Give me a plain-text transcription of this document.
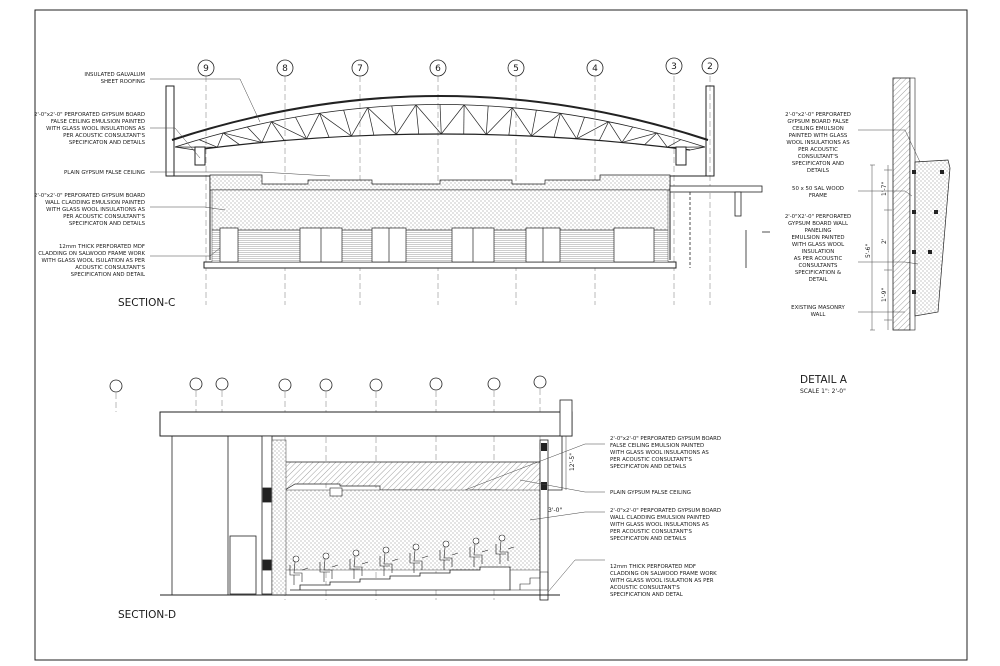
9	8	7	6	5	4	3	2
INSULATED GALVALUM SHEET ROOFING
2'-0"x2'-0" PERFORATED GYPSUM BOARD FALSE CEILING EMULSION PAINTED WITH GLASS WOOL INSULATIONS AS PER ACOUSTIC CONSULTANT'S SPECIFICATON AND DETAILS
PLAIN GYPSUM FALSE CEILING
2'-0"x2'-0" PERFORATED GYPSUM BOARD WALL CLADDING EMULSION PAINTED WITH GLASS WOOL INSULATIONS AS PER ACOUSTIC CONSULTANT'S SPECIFICATON AND DETAILS
12mm THICK PERFORATED MDF CLADDING ON SALWOOD FRAME WORK WITH GLASS WOOL ISULATION AS PER ACOUSTIC CONSULTANT'S SPECIFICATION AND DETAIL
SECTION-C
1'-7"
5'-6"
2'
1'-9"
2'-0"x2'-0" PERFORATED GYPSUM BOARD FALSE CEILING EMULSION PAINTED WITH GLASS WOOL INSULATIONS AS PER ACOUSTIC CONSULTANT'S SPECIFICATON AND DETAILS
50 x 50 SAL WOOD FRAME
2'-0"X2'-0" PERFORATED GYPSUM BOARD WALL PANELING EMULSION PAINTED WITH GLASS WOOL INSULATION AS PER ACOUSTIC CONSULTANTS SPECIFICATION & DETAIL
EXISTING MASONRY WALL
DETAIL A
SCALE 1": 2'-0"
12'-5"
3'-0"
2'-0"x2'-0" PERFORATED GYPSUM BOARD FALSE CEILING EMULSION PAINTED WITH GLASS WOOL INSULATIONS AS PER ACOUSTIC CONSULTANT'S SPECIFICATON AND DETAILS
PLAIN GYPSUM FALSE CEILING
2'-0"x2'-0" PERFORATED GYPSUM BOARD WALL CLADDING EMULSION PAINTED WITH GLASS WOOL INSULATIONS AS PER ACOUSTIC CONSULTANT'S SPECIFICATON AND DETAILS
12mm THICK PERFORATED MDF CLADDING ON SALWOOD FRAME WORK WITH GLASS WOOL ISULATION AS PER ACOUSTIC CONSULTANT'S SPECIFICATION AND DETAL
SECTION-D
